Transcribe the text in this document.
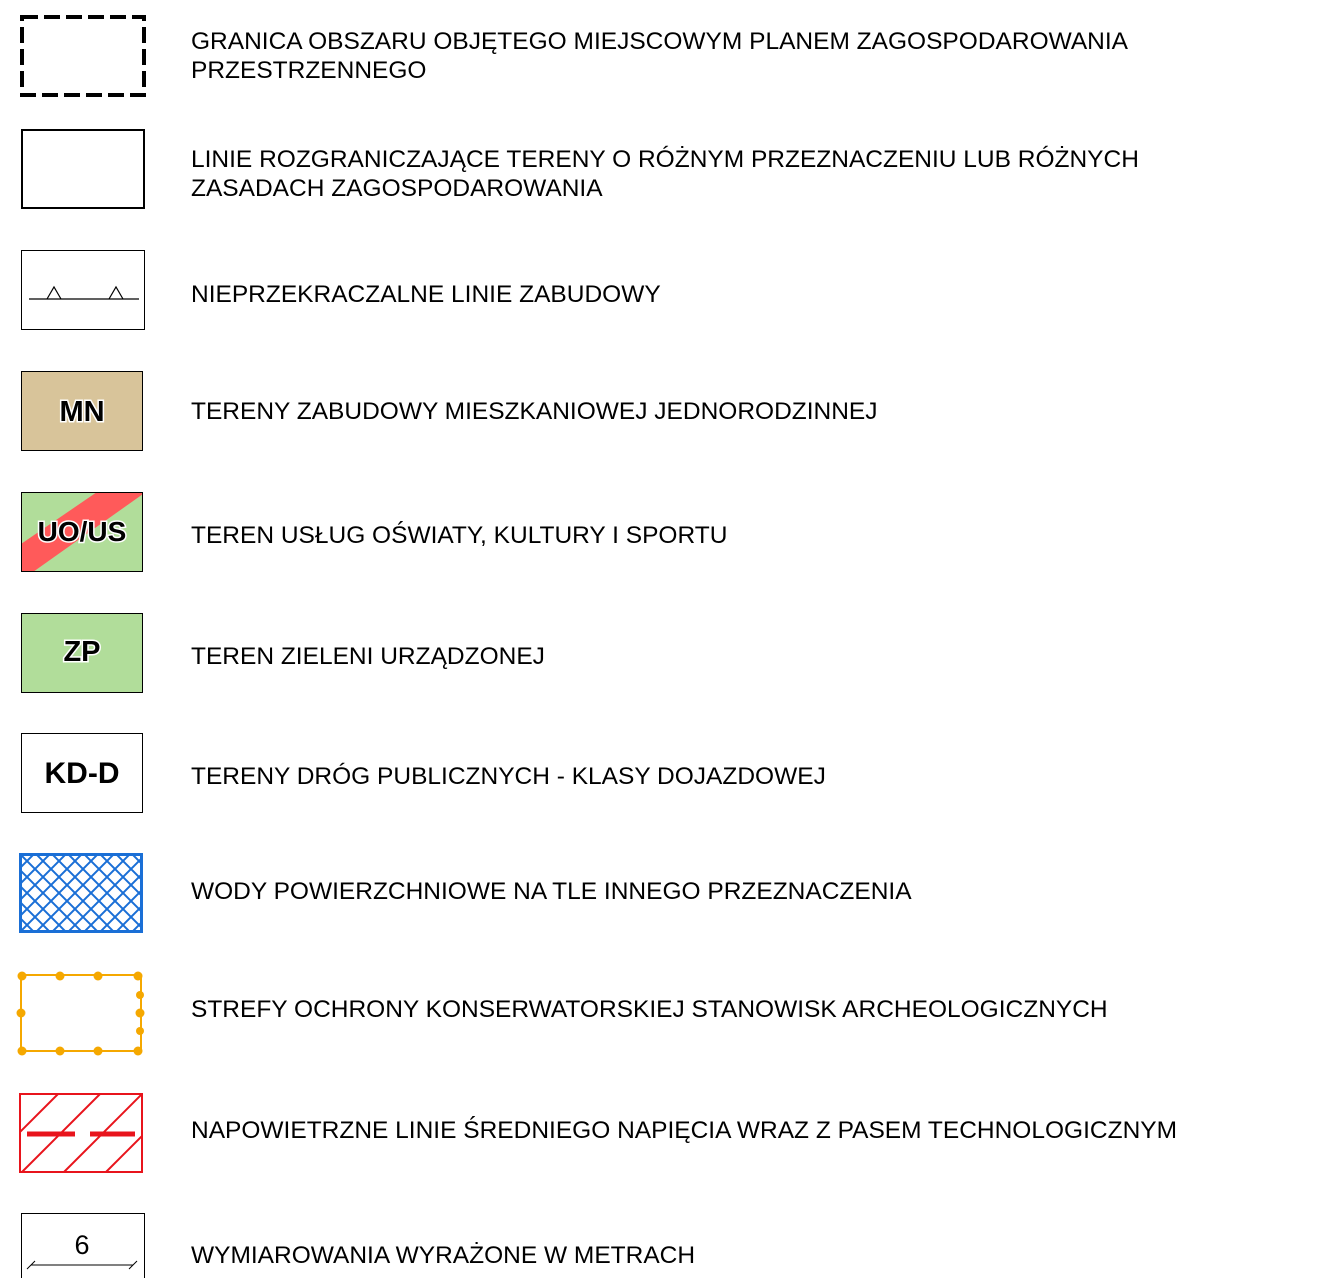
GRANICA OBSZARU OBJĘTEGO MIEJSCOWYM PLANEM ZAGOSPODAROWANIA
PRZESTRZENNEGO
LINIE ROZGRANICZAJĄCE TERENY O RÓŻNYM PRZEZNACZENIU LUB RÓŻNYCH
ZASADACH ZAGOSPODAROWANIA
NIEPRZEKRACZALNE LINIE ZABUDOWY
MN	TERENY ZABUDOWY MIESZKANIOWEJ JEDNORODZINNEJ
UO/US	TEREN USŁUG OŚWIATY, KULTURY I SPORTU
ZP	TEREN ZIELENI URZĄDZONEJ
KD-D	TERENY DRÓG PUBLICZNYCH - KLASY DOJAZDOWEJ
WODY POWIERZCHNIOWE NA TLE INNEGO PRZEZNACZENIA
STREFY OCHRONY KONSERWATORSKIEJ STANOWISK ARCHEOLOGICZNYCH
NAPOWIETRZNE LINIE ŚREDNIEGO NAPIĘCIA WRAZ Z PASEM TECHNOLOGICZNYM
6	WYMIAROWANIA WYRAŻONE W METRACH
